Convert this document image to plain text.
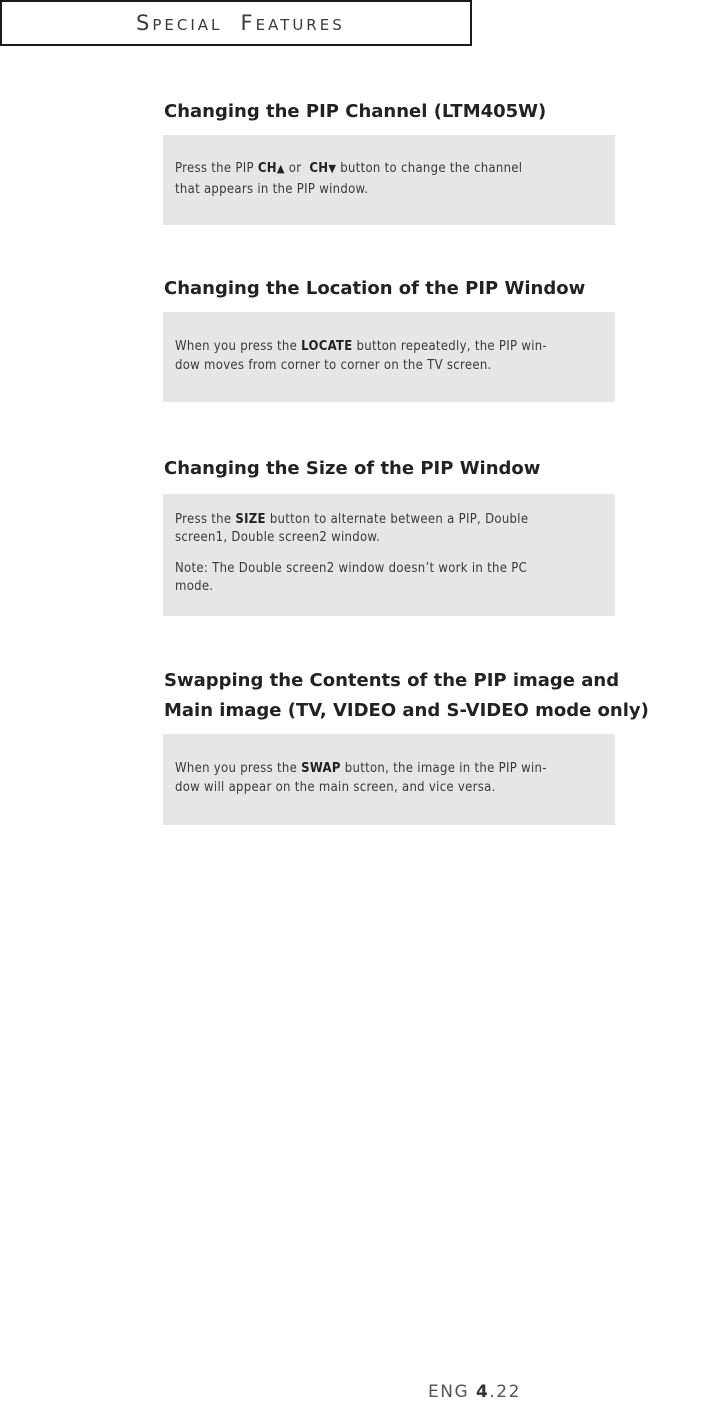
SPECIAL FEATURES
Changing the PIP Channel (LTM405W)

Press the PIP CH▲ or  CH▼ button to change the channel

that appears in the PIP window.

Changing the Location of the PIP Window

When you press the LOCATE button repeatedly, the PIP win-

dow moves from corner to corner on the TV screen.

Changing the Size of the PIP Window

Press the SIZE button to alternate between a PIP, Double

screen1, Double screen2 window.

Note: The Double screen2 window doesn’t work in the PC

mode.

Swapping the Contents of the PIP image and
Main image (TV, VIDEO and S-VIDEO mode only)

When you press the SWAP button, the image in the PIP win-

dow will appear on the main screen, and vice versa.

ENG 4.22
